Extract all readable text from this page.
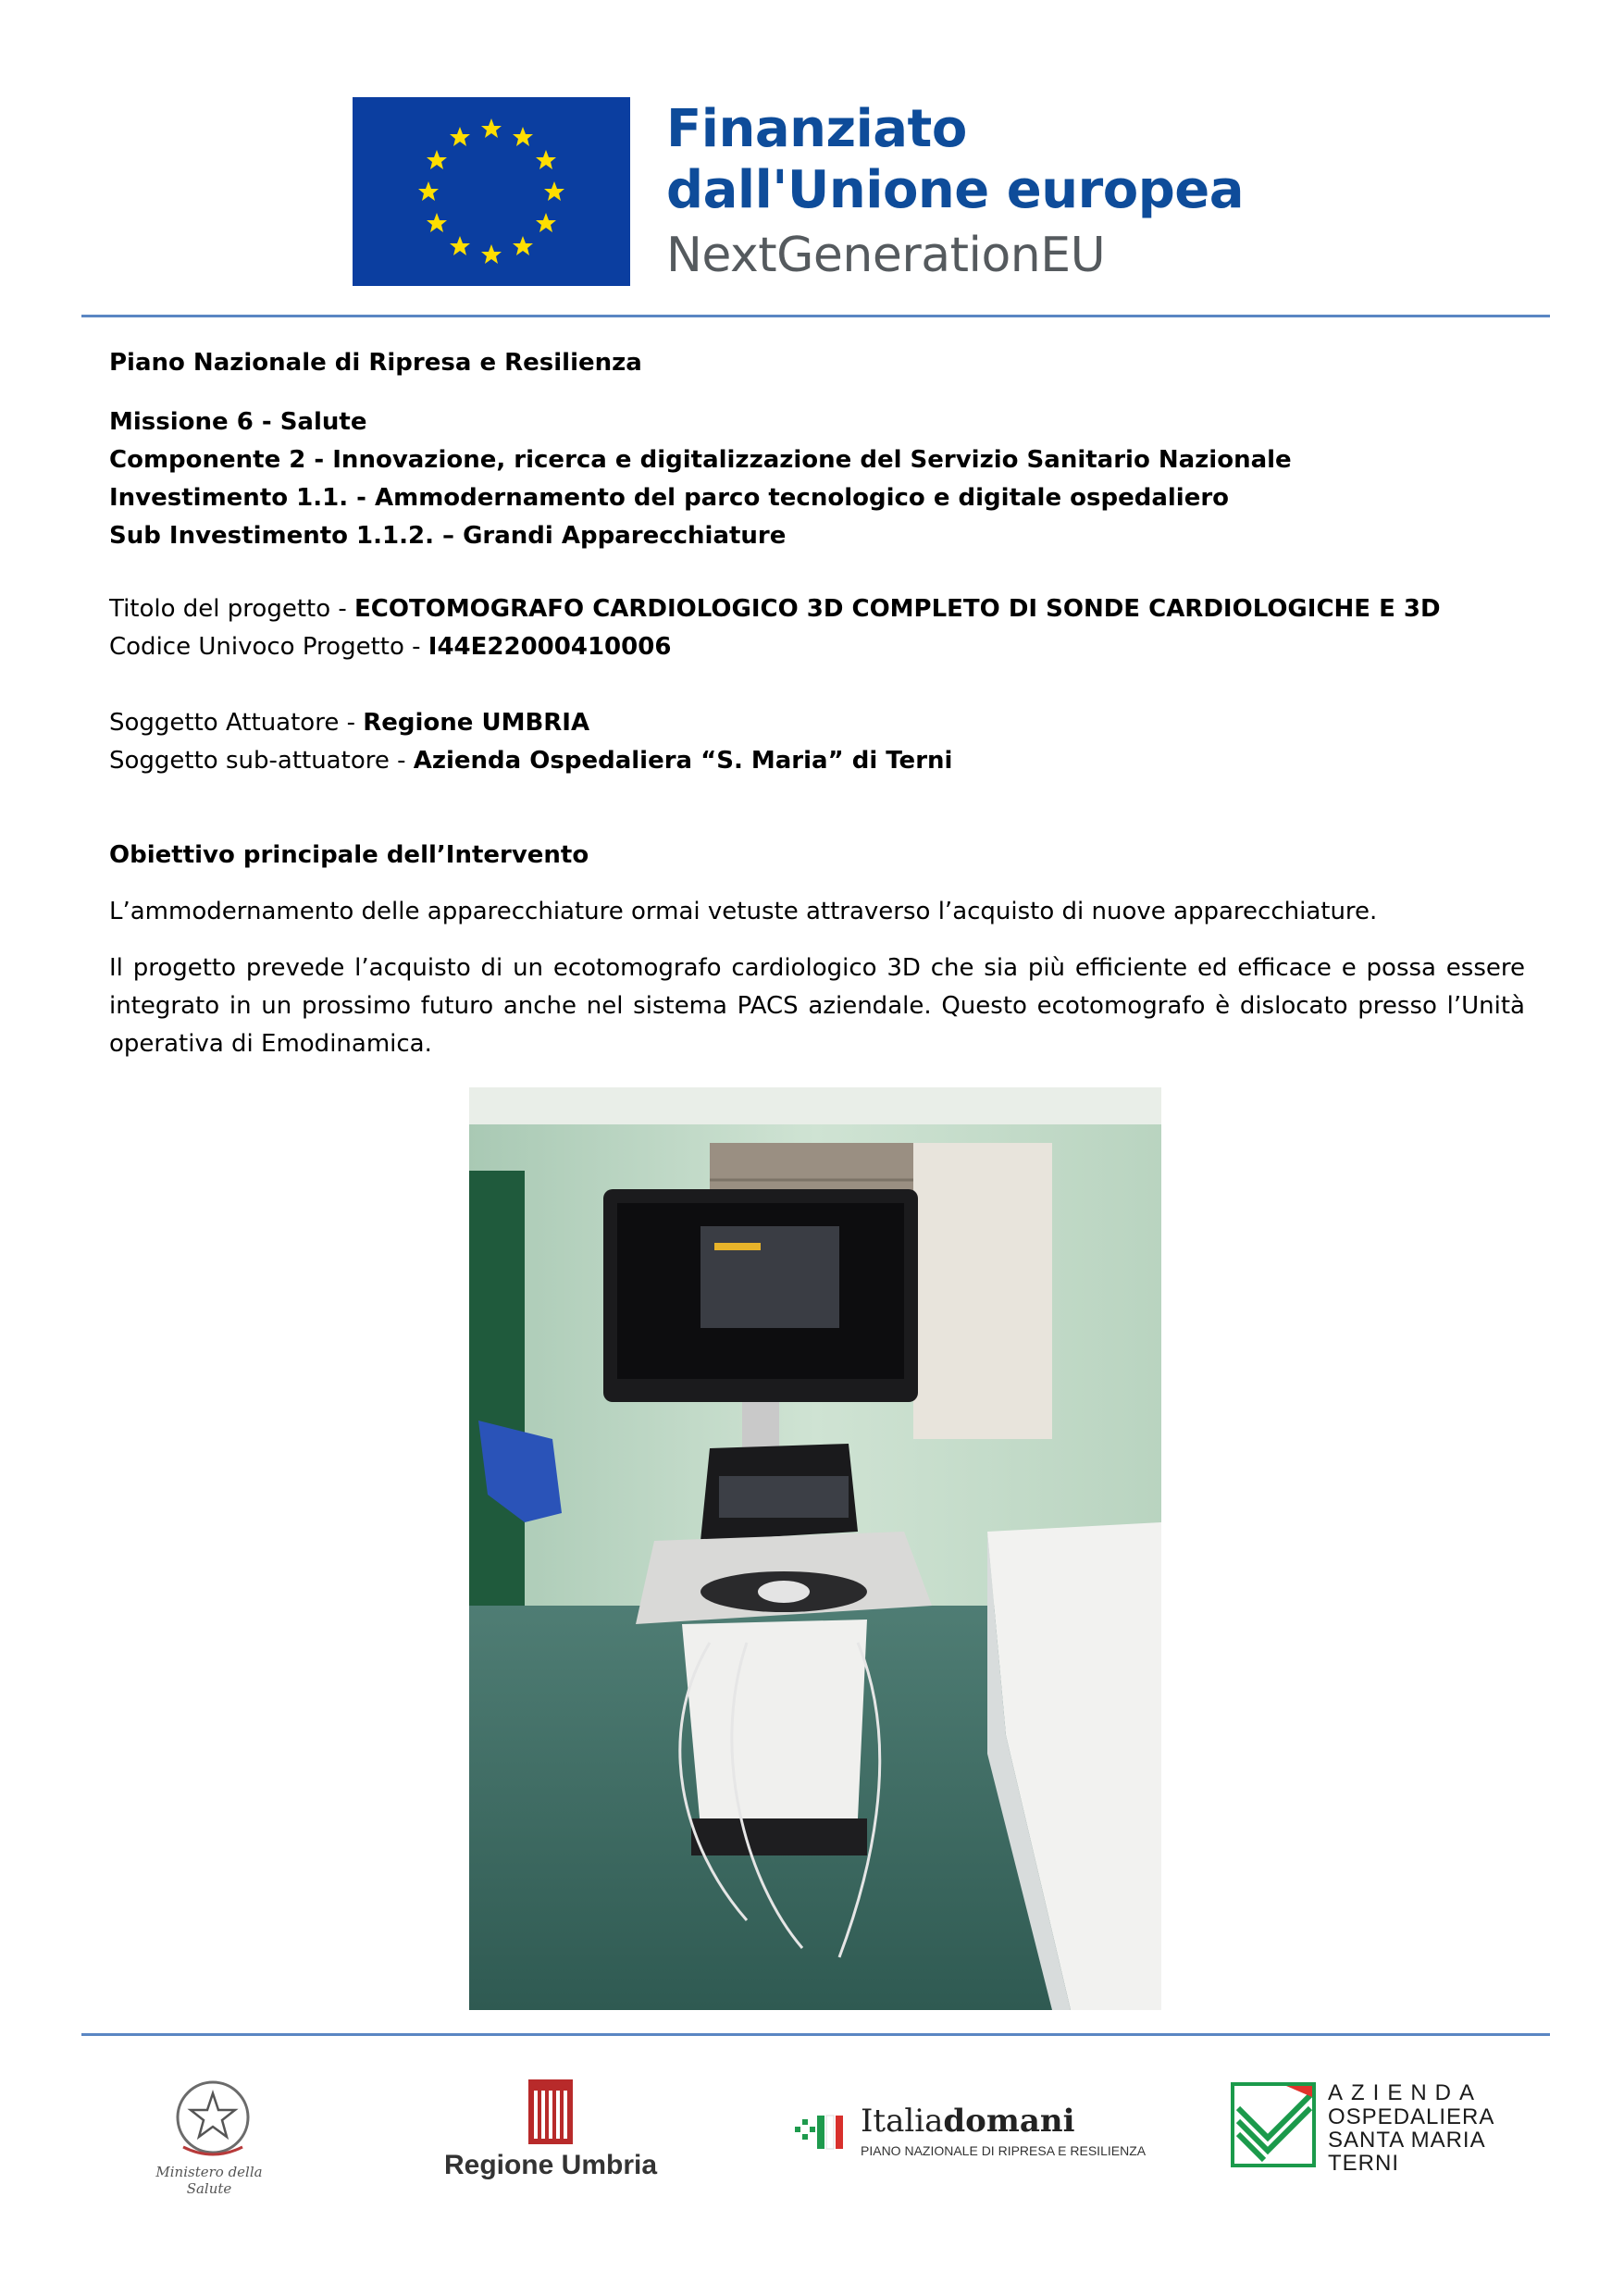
Finanziato
dall'Unione europea
NextGenerationEU

Piano Nazionale di Ripresa e Resilienza

Missione 6 - Salute

Componente 2 - Innovazione, ricerca e digitalizzazione del Servizio Sanitario Nazionale

Investimento 1.1. - Ammodernamento del parco tecnologico e digitale ospedaliero

Sub Investimento 1.1.2. – Grandi Apparecchiature

Titolo del progetto - ECOTOMOGRAFO CARDIOLOGICO 3D COMPLETO DI SONDE CARDIOLOGICHE E 3D

Codice Univoco Progetto - I44E22000410006

Soggetto Attuatore - Regione UMBRIA

Soggetto sub-attuatore - Azienda Ospedaliera “S. Maria” di Terni

Obiettivo principale dell’Intervento

L’ammodernamento delle apparecchiature ormai vetuste attraverso l’acquisto di nuove apparecchiature.

Il progetto prevede l’acquisto di un ecotomografo cardiologico 3D che sia più efficiente ed efficace e possa essere integrato in un prossimo futuro anche nel sistema PACS aziendale. Questo ecotomografo è dislocato presso l’Unità operativa di Emodinamica.

Ministero della Salute
Regione Umbria
Italiadomani
PIANO NAZIONALE DI RIPRESA E RESILIENZA
AZIENDA
OSPEDALIERA
SANTA MARIA
TERNI
